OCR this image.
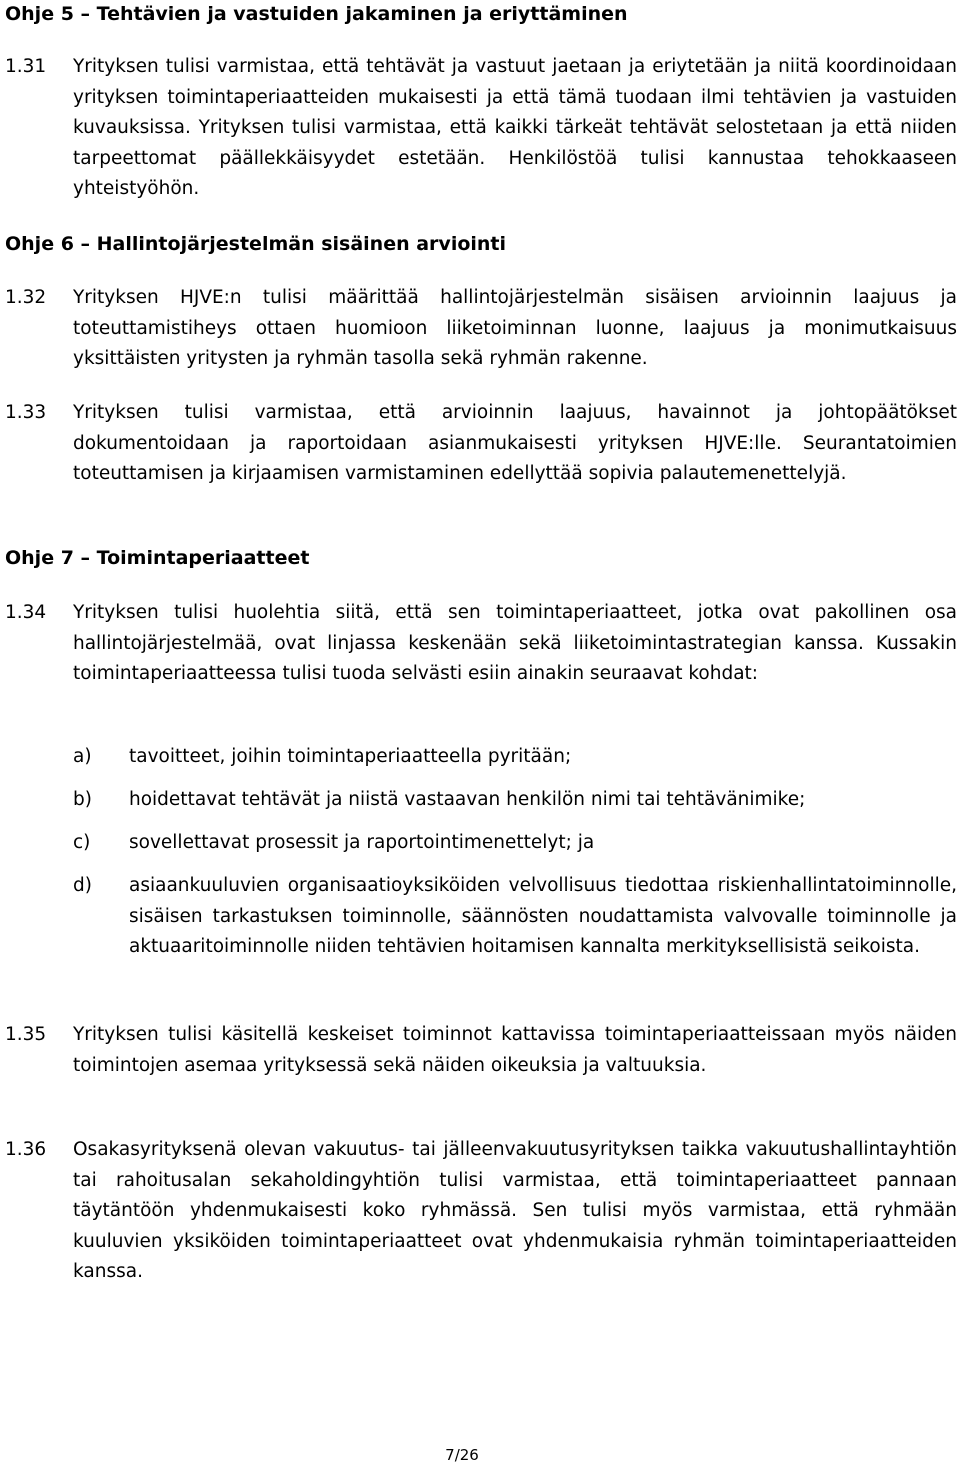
Ohje 5 – Tehtävien ja vastuiden jakaminen ja eriyttäminen
1.31 Yrityksen tulisi varmistaa, että tehtävät ja vastuut jaetaan ja eriytetään ja niitä koordinoidaan yrityksen toimintaperiaatteiden mukaisesti ja että tämä tuodaan ilmi tehtävien ja vastuiden kuvauksissa. Yrityksen tulisi varmistaa, että kaikki tärkeät tehtävät selostetaan ja että niiden tarpeettomat päällekkäisyydet estetään. Henkilöstöä tulisi kannustaa tehokkaaseen yhteistyöhön.
Ohje 6 – Hallintojärjestelmän sisäinen arviointi
1.32 Yrityksen HJVE:n tulisi määrittää hallintojärjestelmän sisäisen arvioinnin laajuus ja toteuttamistiheys ottaen huomioon liiketoiminnan luonne, laajuus ja monimutkaisuus yksittäisten yritysten ja ryhmän tasolla sekä ryhmän rakenne.
1.33 Yrityksen tulisi varmistaa, että arvioinnin laajuus, havainnot ja johtopäätökset dokumentoidaan ja raportoidaan asianmukaisesti yrityksen HJVE:lle. Seurantatoimien toteuttamisen ja kirjaamisen varmistaminen edellyttää sopivia palautemenettelyjä.
Ohje 7 – Toimintaperiaatteet
1.34 Yrityksen tulisi huolehtia siitä, että sen toimintaperiaatteet, jotka ovat pakollinen osa hallintojärjestelmää, ovat linjassa keskenään sekä liiketoimintastrategian kanssa. Kussakin toimintaperiaatteessa tulisi tuoda selvästi esiin ainakin seuraavat kohdat:
a) tavoitteet, joihin toimintaperiaatteella pyritään;
b) hoidettavat tehtävät ja niistä vastaavan henkilön nimi tai tehtävänimike;
c) sovellettavat prosessit ja raportointimenettelyt; ja
d) asiaankuuluvien organisaatioyksiköiden velvollisuus tiedottaa riskienhallintatoiminnolle, sisäisen tarkastuksen toiminnolle, säännösten noudattamista valvovalle toiminnolle ja aktuaaritoiminnolle niiden tehtävien hoitamisen kannalta merkityksellisistä seikoista.
1.35 Yrityksen tulisi käsitellä keskeiset toiminnot kattavissa toimintaperiaatteissaan myös näiden toimintojen asemaa yrityksessä sekä näiden oikeuksia ja valtuuksia.
1.36 Osakasyrityksenä olevan vakuutus- tai jälleenvakuutusyrityksen taikka vakuutushallintayhtiön tai rahoitusalan sekaholdingyhtiön tulisi varmistaa, että toimintaperiaatteet pannaan täytäntöön yhdenmukaisesti koko ryhmässä. Sen tulisi myös varmistaa, että ryhmään kuuluvien yksiköiden toimintaperiaatteet ovat yhdenmukaisia ryhmän toimintaperiaatteiden kanssa.
7/26
